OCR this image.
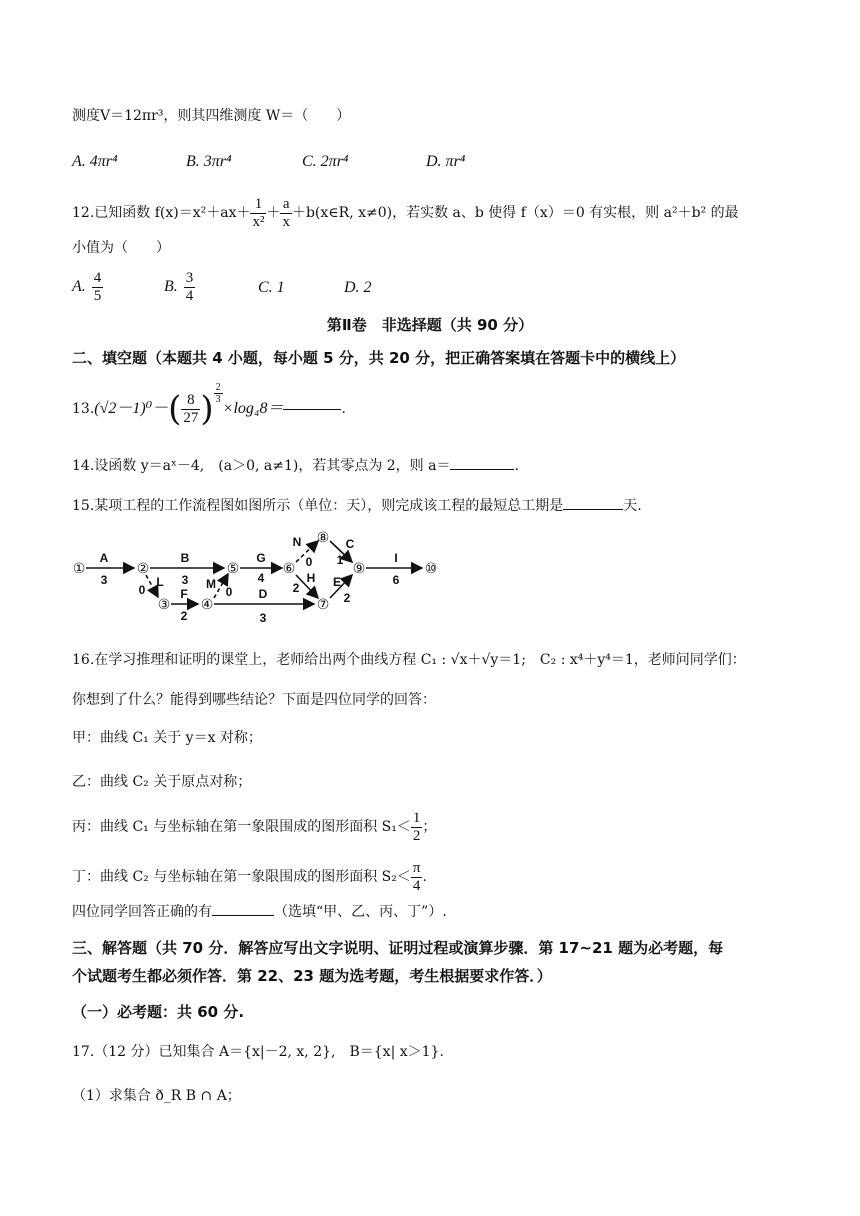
测度V＝12πr³，则其四维测度 W＝（　　）
A. 4πr⁴	B. 3πr⁴	C. 2πr⁴	D. πr⁴
12.已知函数 $f(x)=x^2+ax+ \frac{1}{\text{x²}} + \frac{a}{x}$ ＋b(x∈R, x≠0)，若实数 a、b 使得 f（x）＝0 有实根，则 a²＋b² 的最
小值为（　　）
A. $\frac{4}{5}$	B. $\frac{3}{4}$	C. 1	D. 2
第Ⅱ卷　非选择题（共 90 分）
二、填空题（本题共 4 小题，每小题 5 分，共 20 分，把正确答案填在答题卡中的横线上）
13. (√2－1)⁰－ ( $\frac{8}{27}$ ) $\frac{2}{3}$
×log₄8＝	.
14.设函数 y＝aˣ－4,　(a＞0, a≠1)，若其零点为 2，则 a＝	.
15.某项工程的工作流程图如图所示（单位：天），则完成该工程的最短总工期是	天.
①	②
③ ④
⑤	⑥
⑦
⑧
⑨	⑩
A
3
B
3
L
0	F
2
M
0 D
3
G
4
N
0
H
2
C
1
E
2
I
6
16.在学习推理和证明的课堂上，老师给出两个曲线方程 C₁ : √x＋√y＝1;　C₂ : x⁴＋y⁴＝1，老师问同学们：
你想到了什么？能得到哪些结论？下面是四位同学的回答：
甲：曲线 C₁ 关于 y＝x 对称；
乙：曲线 C₂ 关于原点对称；
丙：曲线 C₁ 与坐标轴在第一象限围成的图形面积 $S_1< \frac{1}{2}$ ；
丁：曲线 C₂ 与坐标轴在第一象限围成的图形面积 $S_2< \frac{\pi}{4}$ .
四位同学回答正确的有	（选填“甲、乙、丙、丁”）.
三、解答题（共 70 分．解答应写出文字说明、证明过程或演算步骤．第 17~21 题为必考题，每
个试题考生都必须作答．第 22、23 题为选考题，考生根据要求作答．）
（一）必考题：共 60 分.
17.（12 分）已知集合 A＝{x|－2, x, 2},　B＝{x| x＞1}.
（1）求集合 ð_R B ∩ A；
